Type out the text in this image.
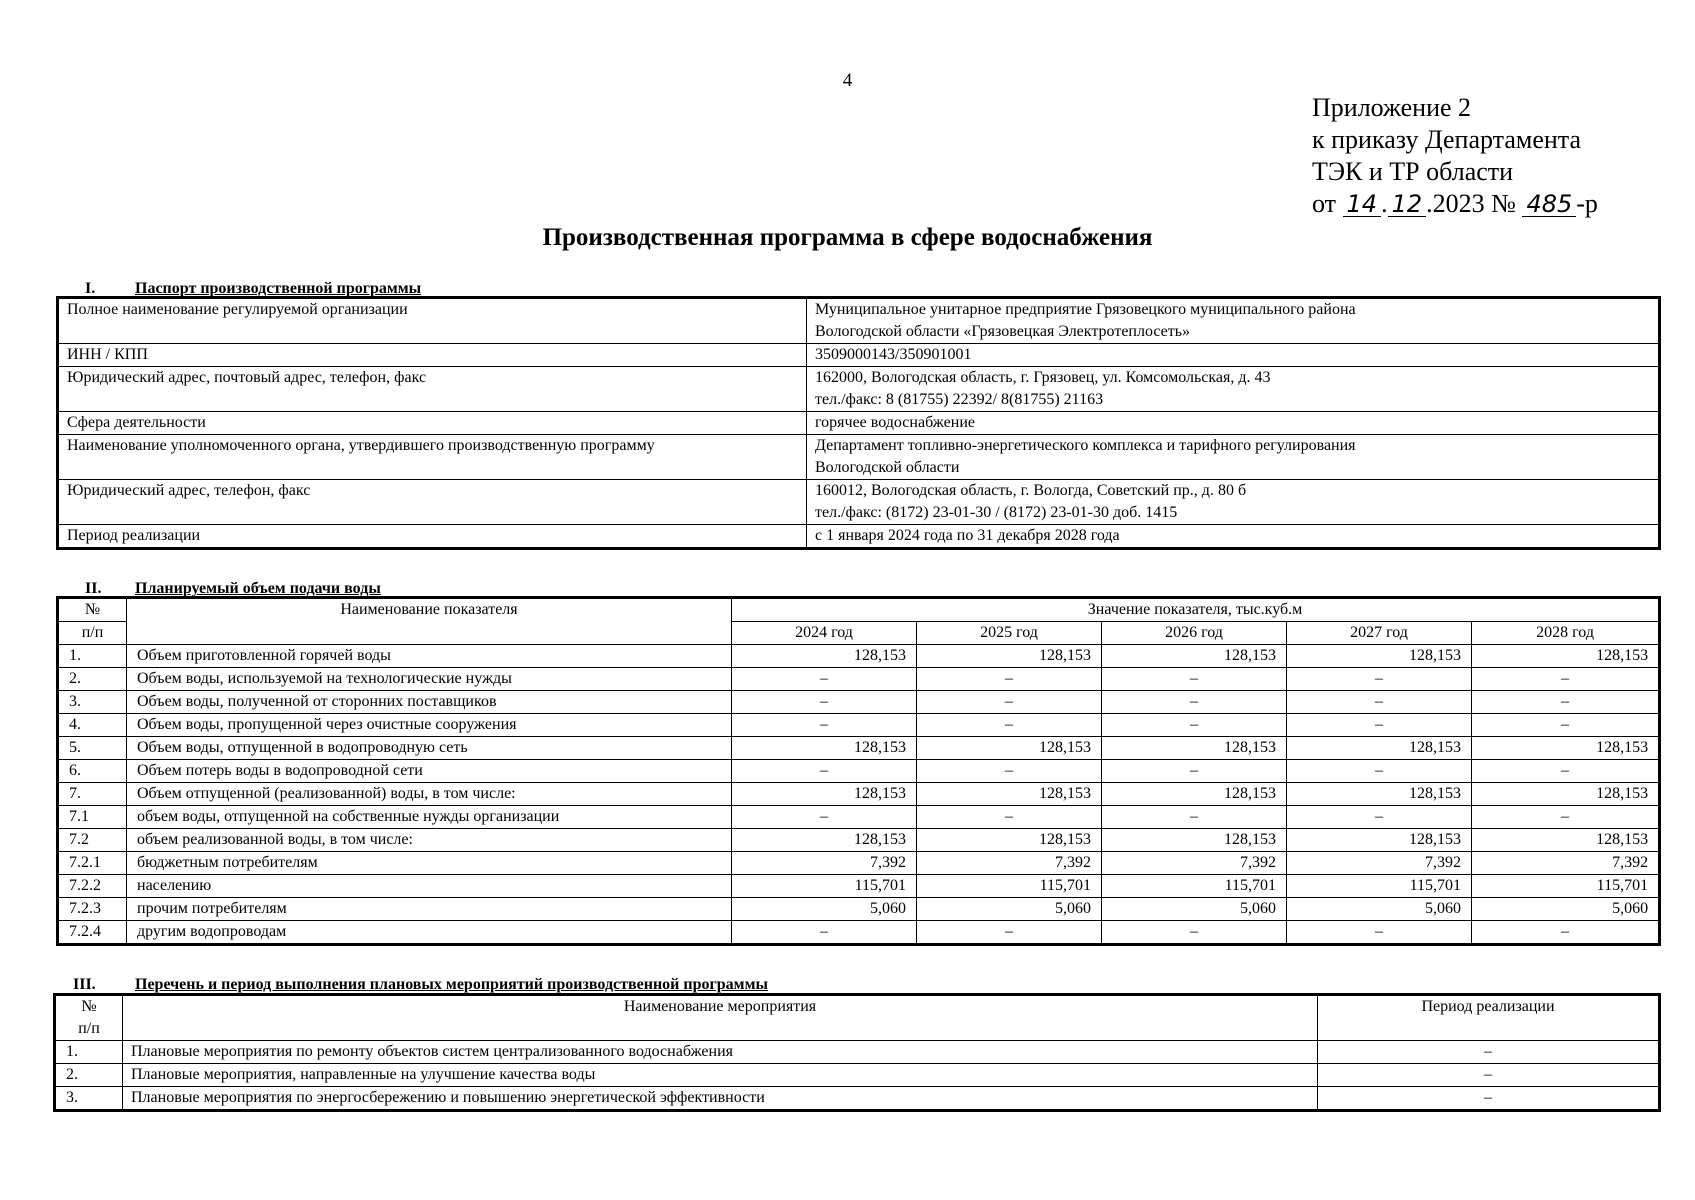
4
Приложение 2
к приказу Департамента
ТЭК и ТР области
от 14 . 12 .2023 № 485 -р
Производственная программа в сфере водоснабжения
I. Паспорт производственной программы
Полное наименование регулируемой организации	Муниципальное унитарное предприятие Грязовецкого муниципального района
Вологодской области «Грязовецкая Электротеплосеть»

ИНН / КПП	3509000143/350901001

Юридический адрес, почтовый адрес, телефон, факс	162000, Вологодская область, г. Грязовец, ул. Комсомольская, д. 43
тел./факс: 8 (81755) 22392/ 8(81755) 21163

Сфера деятельности	горячее водоснабжение

Наименование уполномоченного органа, утвердившего производственную программу	Департамент топливно-энергетического комплекса и тарифного регулирования
Вологодской области

Юридический адрес, телефон, факс	160012, Вологодская область, г. Вологда, Советский пр., д. 80 б
тел./факс: (8172) 23-01-30 / (8172) 23-01-30 доб. 1415

Период реализации	с 1 января 2024 года по 31 декабря 2028 года
II. Планируемый объем подачи воды
№	Наименование показателя	Значение показателя, тыс.куб.м				
п/п		2024 год	2025 год	2026 год	2027 год	2028 год
1.	Объем приготовленной горячей воды	128,153	128,153	128,153	128,153	128,153
2.	Объем воды, используемой на технологические нужды	–	–	–	–	–
3.	Объем воды, полученной от сторонних поставщиков	–	–	–	–	–
4.	Объем воды, пропущенной через очистные сооружения	–	–	–	–	–
5.	Объем воды, отпущенной в водопроводную сеть	128,153	128,153	128,153	128,153	128,153
6.	Объем потерь воды в водопроводной сети	–	–	–	–	–
7.	Объем отпущенной (реализованной) воды, в том числе:	128,153	128,153	128,153	128,153	128,153
7.1	объем воды, отпущенной на собственные нужды организации	–	–	–	–	–
7.2	объем реализованной воды, в том числе:	128,153	128,153	128,153	128,153	128,153
7.2.1	бюджетным потребителям	7,392	7,392	7,392	7,392	7,392
7.2.2	населению	115,701	115,701	115,701	115,701	115,701
7.2.3	прочим потребителям	5,060	5,060	5,060	5,060	5,060
7.2.4	другим водопроводам	–	–	–	–	–
III. Перечень и период выполнения плановых мероприятий производственной программы
№
п/п	Наименование мероприятия	Период реализации
1.	Плановые мероприятия по ремонту объектов систем централизованного водоснабжения	–
2.	Плановые мероприятия, направленные на улучшение качества воды	–
3.	Плановые мероприятия по энергосбережению и повышению энергетической эффективности	–
